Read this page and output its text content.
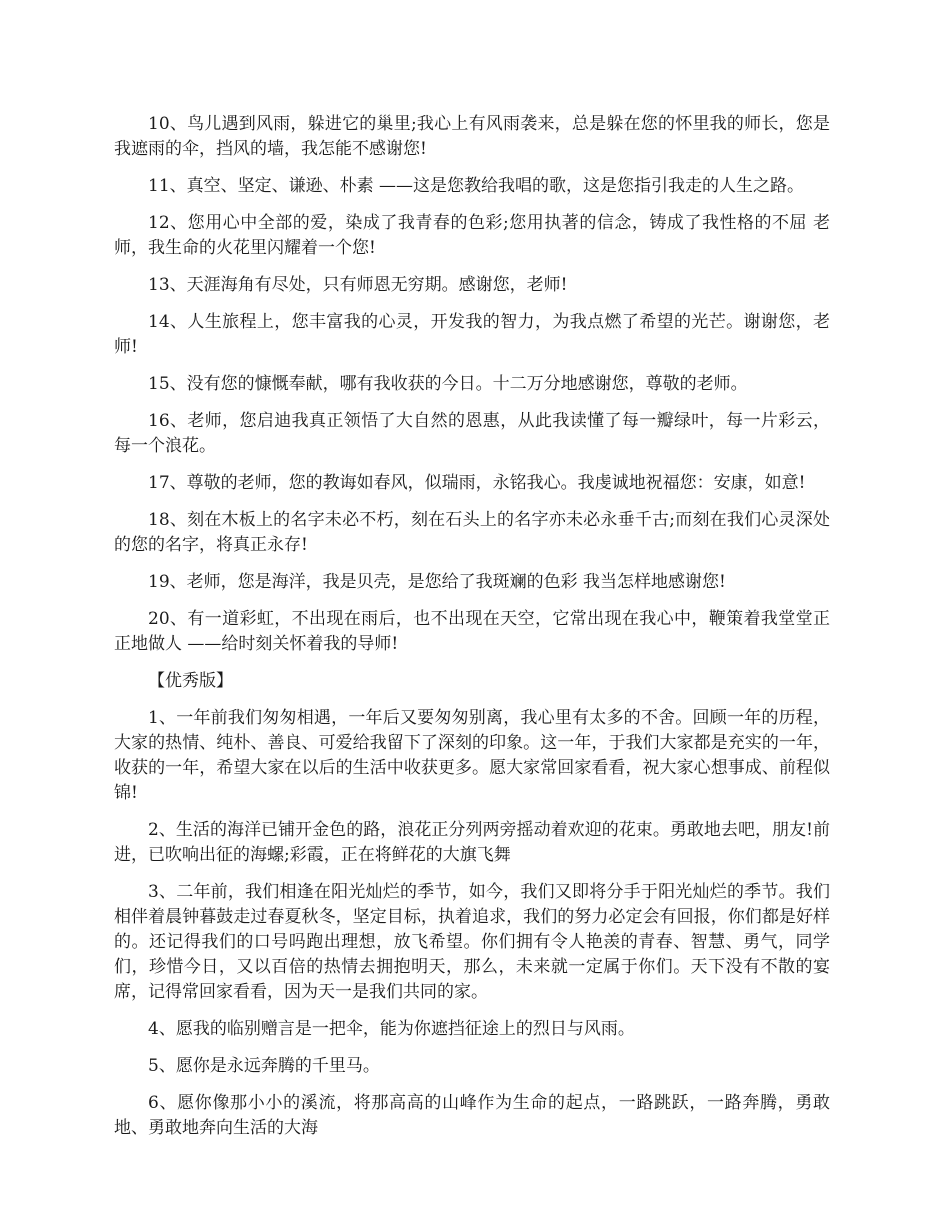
10、鸟儿遇到风雨，躲进它的巢里;我心上有风雨袭来，总是躲在您的怀里我的师长，您是我遮雨的伞，挡风的墙，我怎能不感谢您!

11、真空、坚定、谦逊、朴素 ——这是您教给我唱的歌，这是您指引我走的人生之路。

12、您用心中全部的爱，染成了我青春的色彩;您用执著的信念，铸成了我性格的不屈 老师，我生命的火花里闪耀着一个您!

13、天涯海角有尽处，只有师恩无穷期。感谢您，老师!

14、人生旅程上，您丰富我的心灵，开发我的智力，为我点燃了希望的光芒。谢谢您，老师!

15、没有您的慷慨奉献，哪有我收获的今日。十二万分地感谢您，尊敬的老师。

16、老师，您启迪我真正领悟了大自然的恩惠，从此我读懂了每一瓣绿叶，每一片彩云，每一个浪花。

17、尊敬的老师，您的教诲如春风，似瑞雨，永铭我心。我虔诚地祝福您：安康，如意!

18、刻在木板上的名字未必不朽，刻在石头上的名字亦未必永垂千古;而刻在我们心灵深处的您的名字，将真正永存!

19、老师，您是海洋，我是贝壳，是您给了我斑斓的色彩 我当怎样地感谢您!

20、有一道彩虹，不出现在雨后，也不出现在天空，它常出现在我心中，鞭策着我堂堂正正地做人 ——给时刻关怀着我的导师!

【优秀版】

1、一年前我们匆匆相遇，一年后又要匆匆别离，我心里有太多的不舍。回顾一年的历程，大家的热情、纯朴、善良、可爱给我留下了深刻的印象。这一年，于我们大家都是充实的一年，收获的一年，希望大家在以后的生活中收获更多。愿大家常回家看看，祝大家心想事成、前程似锦!

2、生活的海洋已铺开金色的路，浪花正分列两旁摇动着欢迎的花束。勇敢地去吧，朋友!前进，已吹响出征的海螺;彩霞，正在将鲜花的大旗飞舞

3、二年前，我们相逢在阳光灿烂的季节，如今，我们又即将分手于阳光灿烂的季节。我们相伴着晨钟暮鼓走过春夏秋冬，坚定目标，执着追求，我们的努力必定会有回报，你们都是好样的。还记得我们的口号吗跑出理想，放飞希望。你们拥有令人艳羡的青春、智慧、勇气，同学们，珍惜今日，又以百倍的热情去拥抱明天，那么，未来就一定属于你们。天下没有不散的宴席，记得常回家看看，因为天一是我们共同的家。

4、愿我的临别赠言是一把伞，能为你遮挡征途上的烈日与风雨。

5、愿你是永远奔腾的千里马。

6、愿你像那小小的溪流，将那高高的山峰作为生命的起点，一路跳跃，一路奔腾，勇敢地、勇敢地奔向生活的大海
